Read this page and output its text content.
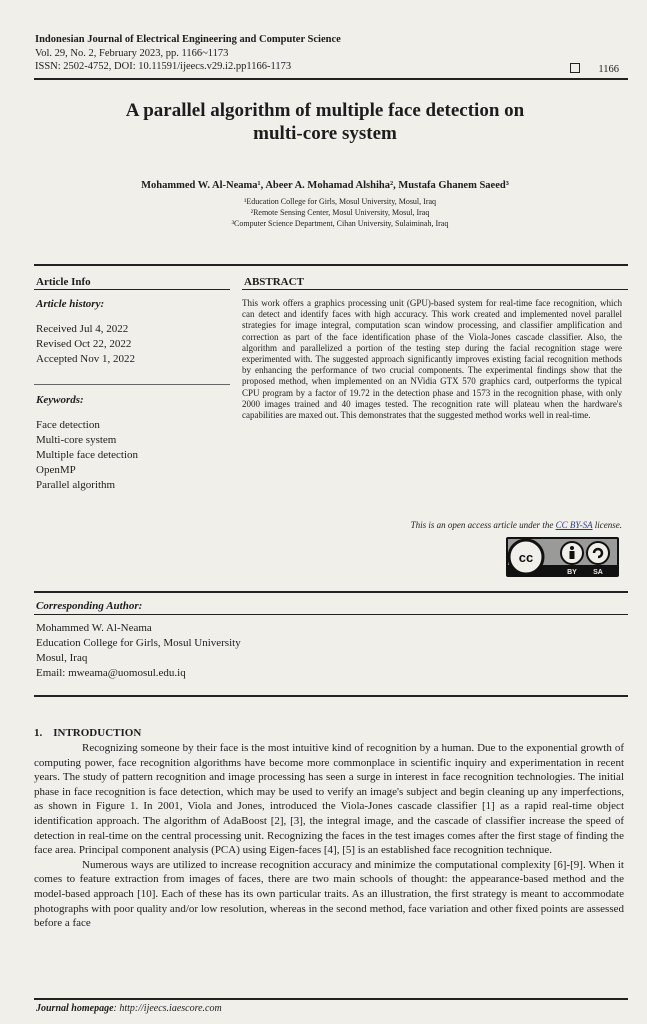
Indonesian Journal of Electrical Engineering and Computer Science
Vol. 29, No. 2, February 2023, pp. 1166~1173
ISSN: 2502-4752, DOI: 10.11591/ijeecs.v29.i2.pp1166-1173	1166
A parallel algorithm of multiple face detection on
multi-core system
Mohammed W. Al-Neama¹, Abeer A. Mohamad Alshiha², Mustafa Ghanem Saeed³
¹Education College for Girls, Mosul University, Mosul, Iraq
²Remote Sensing Center, Mosul University, Mosul, Iraq
³Computer Science Department, Cihan University, Sulaiminah, Iraq
Article Info	ABSTRACT
Article history:
Received Jul 4, 2022
Revised Oct 22, 2022
Accepted Nov 1, 2022
Keywords:
Face detection
Multi-core system
Multiple face detection
OpenMP
Parallel algorithm
This work offers a graphics processing unit (GPU)-based system for real-time face recognition, which can detect and identify faces with high accuracy. This work created and implemented novel parallel strategies for image integral, computation scan window processing, and classifier amplification and correction as part of the face identification phase of the Viola-Jones cascade classifier. Also, the algorithm and parallelized a portion of the testing step during the facial recognition stage were experimented with. The suggested approach significantly improves existing facial recognition methods by enhancing the performance of two crucial components. The experimental findings show that the proposed method, when implemented on an NVidia GTX 570 graphics card, outperforms the typical CPU program by a factor of 19.72 in the detection phase and 1573 in the recognition phase, with only 2000 images trained and 40 images tested. The recognition rate will plateau when the hardware's capabilities are maxed out. This demonstrates that the suggested method works well in real-time.
This is an open access article under the CC BY-SA license.
cc
BY SA
Corresponding Author:
Mohammed W. Al-Neama
Education College for Girls, Mosul University
Mosul, Iraq
Email: mweama@uomosul.edu.iq
1.    INTRODUCTION

Recognizing someone by their face is the most intuitive kind of recognition by a human. Due to the exponential growth of computing power, face recognition algorithms have become more commonplace in scientific inquiry and experimentation in recent years. The study of pattern recognition and image processing has seen a surge in interest in face recognition technologies. The initial phase in face recognition is face detection, which may be used to verify an image's subject and begin cleaning up any imperfections, as shown in Figure 1. In 2001, Viola and Jones, introduced the Viola-Jones cascade classifier [1] as a rapid real-time object identification approach. The algorithm of AdaBoost [2], [3], the integral image, and the cascade of classifier increase the speed of detection in real-time on the central processing unit. Recognizing the faces in the test images comes after the first stage of finding the face area. Principal component analysis (PCA) using Eigen-faces [4], [5] is an established face recognition technique.

Numerous ways are utilized to increase recognition accuracy and minimize the computational complexity [6]-[9]. When it comes to feature extraction from images of faces, there are two main schools of thought: the appearance-based method and the model-based approach [10]. Each of these has its own particular traits. As an illustration, the first strategy is meant to accommodate photographs with poor quality and/or low resolution, whereas in the second method, face variation and other fixed points are assessed before a face

Journal homepage: http://ijeecs.iaescore.com
